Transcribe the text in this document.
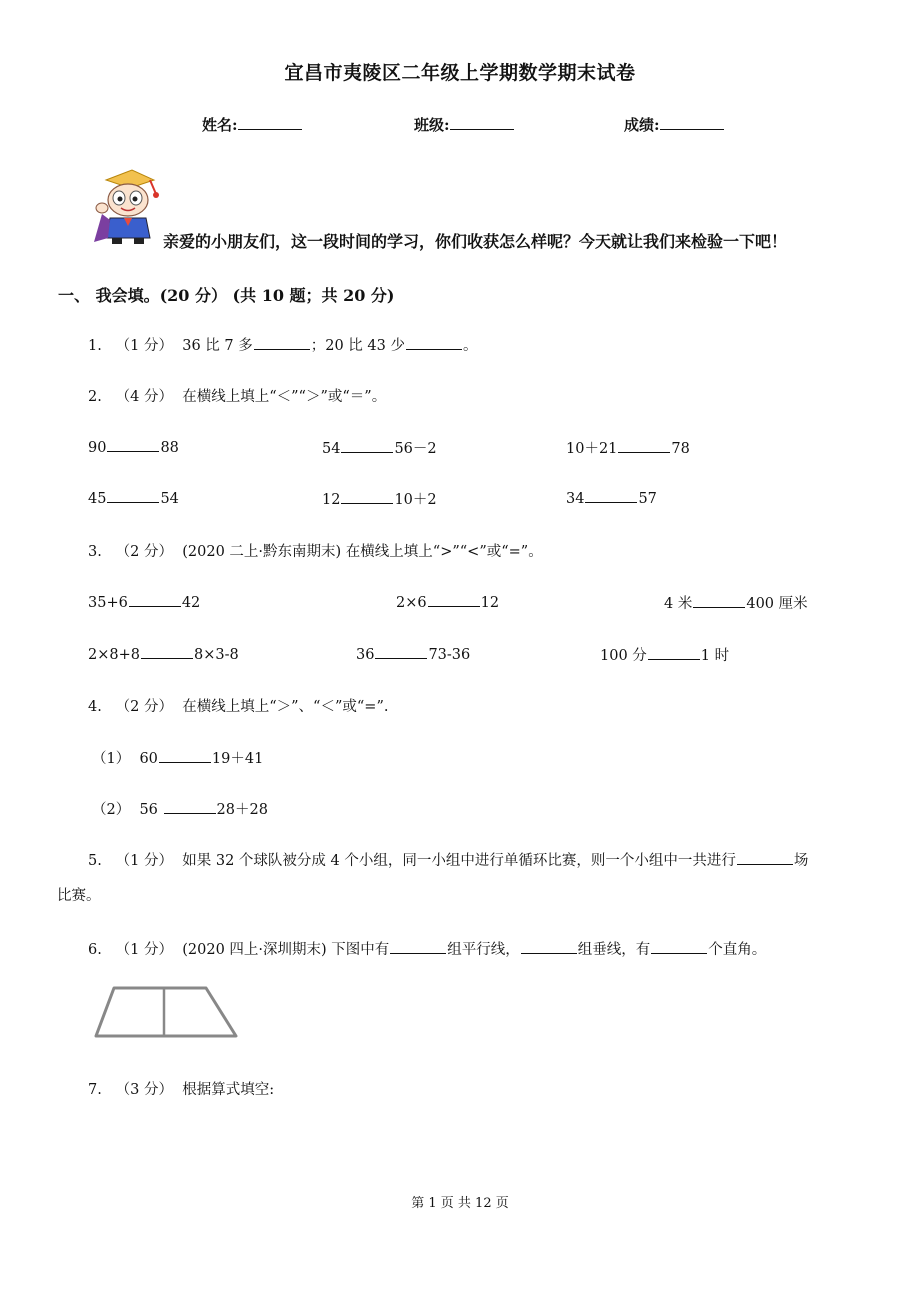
宜昌市夷陵区二年级上学期数学期末试卷
姓名:	班级:	成绩:
亲爱的小朋友们，这一段时间的学习，你们收获怎么样呢？今天就让我们来检验一下吧！
一、 我会填。(20 分） (共 10 题；共 20 分)
1. （1 分） 36 比 7 多	；20 比 43 少	。
2. （4 分） 在横线上填上“＜”“＞”或“＝”。
90	88	54	56－2	10＋21	78
45	54	12	10＋2	34	57
3. （2 分） (2020 二上·黔东南期末) 在横线上填上“>”“<”或“=”。
35+6	42	2×6	12	4 米	400 厘米
2×8+8	8×3-8	36	73-36	100 分	1 时
4. （2 分） 在横线上填上“＞”、“＜”或“=”.
（1） 60	19＋41
（2） 56	28＋28
5. （1 分） 如果 32 个球队被分成 4 个小组，同一小组中进行单循环比赛，则一个小组中一共进行	场
比赛。
6. （1 分） (2020 四上·深圳期末) 下图中有	组平行线，	组垂线，有	个直角。
7. （3 分） 根据算式填空:
第 1 页 共 12 页
